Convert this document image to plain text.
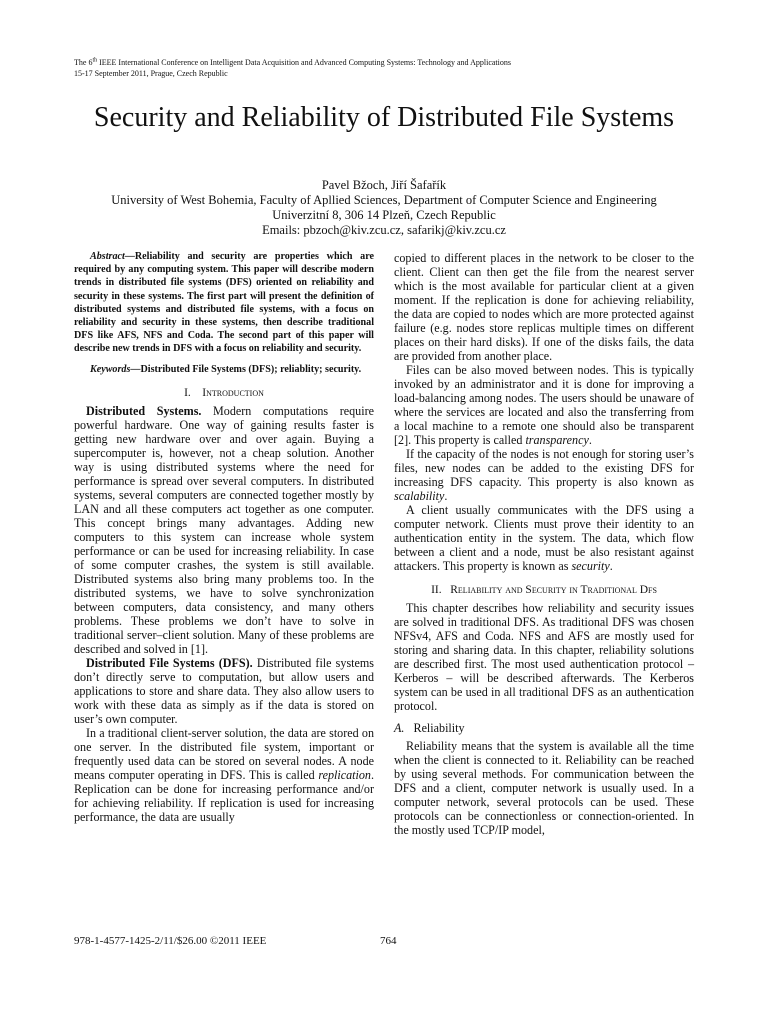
The 6th IEEE International Conference on Intelligent Data Acquisition and Advanced Computing Systems: Technology and Applications
15-17 September 2011, Prague, Czech Republic
Security and Reliability of Distributed File Systems
Pavel Bžoch, Jiří Šafařík
University of West Bohemia, Faculty of Apllied Sciences, Department of Computer Science and Engineering
Univerzitní 8, 306 14 Plzeň, Czech Republic
Emails: pbzoch@kiv.zcu.cz, safarikj@kiv.zcu.cz

Abstract—Reliability and security are properties which are required by any computing system. This paper will describe modern trends in distributed file systems (DFS) oriented on reliability and security in these systems. The first part will present the definition of distributed systems and distributed file systems, with a focus on reliability and security in these systems, then describe traditional DFS like AFS, NFS and Coda. The second part of this paper will describe new trends in DFS with a focus on reliability and security.

Keywords—Distributed File Systems (DFS); reliablity; security.

I. Introduction

Distributed Systems. Modern computations require powerful hardware. One way of gaining results faster is getting new hardware over and over again. Buying a supercomputer is, however, not a cheap solution. Another way is using distributed systems where the need for performance is spread over several computers. In distributed systems, several computers are connected together mostly by LAN and all these computers act together as one computer. This concept brings many advantages. Adding new computers to this system can increase whole system performance or can be used for increasing reliability. In case of some computer crashes, the system is still available. Distributed systems also bring many problems too. In the distributed systems, we have to solve synchronization between computers, data consistency, and many others problems. These problems we don’t have to solve in traditional server–client solution. Many of these problems are described and solved in [1].

Distributed File Systems (DFS). Distributed file systems don’t directly serve to computation, but allow users and applications to store and share data. They also allow users to work with these data as simply as if the data is stored on user’s own computer.

In a traditional client-server solution, the data are stored on one server. In the distributed file system, important or frequently used data can be stored on several nodes. A node means computer operating in DFS. This is called replication. Replication can be done for increasing performance and/or for achieving reliability. If replication is used for increasing performance, the data are usually

copied to different places in the network to be closer to the client. Client can then get the file from the nearest server which is the most available for particular client at a given moment. If the replication is done for achieving reliability, the data are copied to nodes which are more protected against failure (e.g. nodes store replicas multiple times on different places on their hard disks). If one of the disks fails, the data are provided from another place.

Files can be also moved between nodes. This is typically invoked by an administrator and it is done for improving a load-balancing among nodes. The users should be unaware of where the services are located and also the transferring from a local machine to a remote one should also be transparent [2]. This property is called transparency.

If the capacity of the nodes is not enough for storing user’s files, new nodes can be added to the existing DFS for increasing DFS capacity. This property is also known as scalability.

A client usually communicates with the DFS using a computer network. Clients must prove their identity to an authentication entity in the system. The data, which flow between a client and a node, must be also resistant against attackers. This property is known as security.

II. Reliability and Security in Traditional Dfs

This chapter describes how reliability and security issues are solved in traditional DFS. As traditional DFS was chosen NFSv4, AFS and Coda. NFS and AFS are mostly used for storing and sharing data. In this chapter, reliability solutions are described first. The most used authentication protocol – Kerberos – will be described afterwards. The Kerberos system can be used in all traditional DFS as an authentication protocol.

A. Reliability

Reliability means that the system is available all the time when the client is connected to it. Reliability can be reached by using several methods. For communication between the DFS and a client, computer network is usually used. In a computer network, several protocols can be used. These protocols can be connectionless or connection-oriented. In the mostly used TCP/IP model,

978-1-4577-1425-2/11/$26.00 ©2011 IEEE	764
